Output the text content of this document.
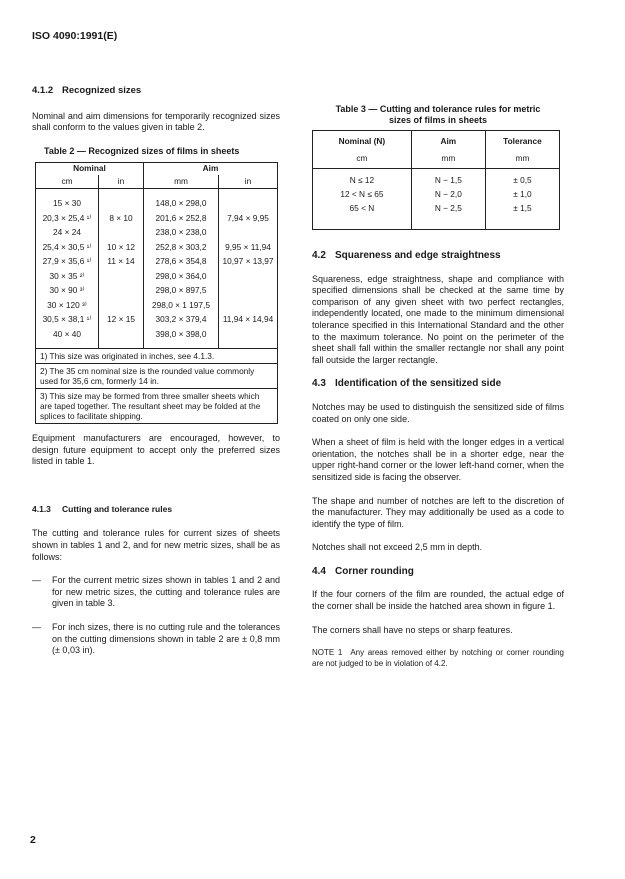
ISO 4090:1991(E)
4.1.2 Recognized sizes

Nominal and aim dimensions for temporarily recognized sizes shall conform to the values given in table 2.

Table 2 — Recognized sizes of films in sheets
Nominal		Aim	
cm	in	mm	in
15 × 30		148,0 × 298,0	
20,3 × 25,4 ¹⁾	8 × 10	201,6 × 252,8	7,94 × 9,95
24 × 24		238,0 × 238,0	
25,4 × 30,5 ¹⁾	10 × 12	252,8 × 303,2	9,95 × 11,94
27,9 × 35,6 ¹⁾	11 × 14	278,6 × 354,8	10,97 × 13,97
30 × 35 ²⁾		298,0 × 364,0	
30 × 90 ³⁾		298,0 × 897,5	
30 × 120 ³⁾		298,0 × 1 197,5	
30,5 × 38,1 ¹⁾	12 × 15	303,2 × 379,4	11,94 × 14,94
40 × 40		398,0 × 398,0	
1) This size was originated in inches, see 4.1.3.			
2) The 35 cm nominal size is the rounded value commonly used for 35,6 cm, formerly 14 in.			
3) This size may be formed from three smaller sheets which are taped together. The resultant sheet may be folded at the splices to facilitate shipping.			

Equipment manufacturers are encouraged, however, to design future equipment to accept only the preferred sizes listed in table 1.

4.1.3 Cutting and tolerance rules

The cutting and tolerance rules for current sizes of sheets shown in tables 1 and 2, and for new metric sizes, shall be as follows:

— For the current metric sizes shown in tables 1 and 2 and for new metric sizes, the cutting and tolerance rules are given in table 3.
— For inch sizes, there is no cutting rule and the tolerances on the cutting dimensions shown in table 2 are ± 0,8 mm (± 0,03 in).
Table 3 — Cutting and tolerance rules for metric
sizes of films in sheets
Nominal (N)	Aim	Tolerance
cm	mm	mm
N ≤ 12	N − 1,5	± 0,5
12 < N ≤ 65	N − 2,0	± 1,0
65 < N	N − 2,5	± 1,5
4.2 Squareness and edge straightness

Squareness, edge straightness, shape and compliance with specified dimensions shall be checked at the same time by comparison of any given sheet with two perfect rectangles, independently located, one made to the minimum dimensional tolerance specified in this International Standard and the other to the maximum tolerance. No point on the perimeter of the sheet shall fall within the smaller rectangle nor shall any point fall outside the larger rectangle.

4.3 Identification of the sensitized side

Notches may be used to distinguish the sensitized side of films coated on only one side.

When a sheet of film is held with the longer edges in a vertical orientation, the notches shall be in a shorter edge, near the upper right-hand corner or the lower left-hand corner, when the sensitized side is facing the observer.

The shape and number of notches are left to the discretion of the manufacturer. They may additionally be used as a code to identify the type of film.

Notches shall not exceed 2,5 mm in depth.

4.4 Corner rounding

If the four corners of the film are rounded, the actual edge of the corner shall be inside the hatched area shown in figure 1.

The corners shall have no steps or sharp features.

NOTE 1 Any areas removed either by notching or corner rounding are not judged to be in violation of 4.2.
2
